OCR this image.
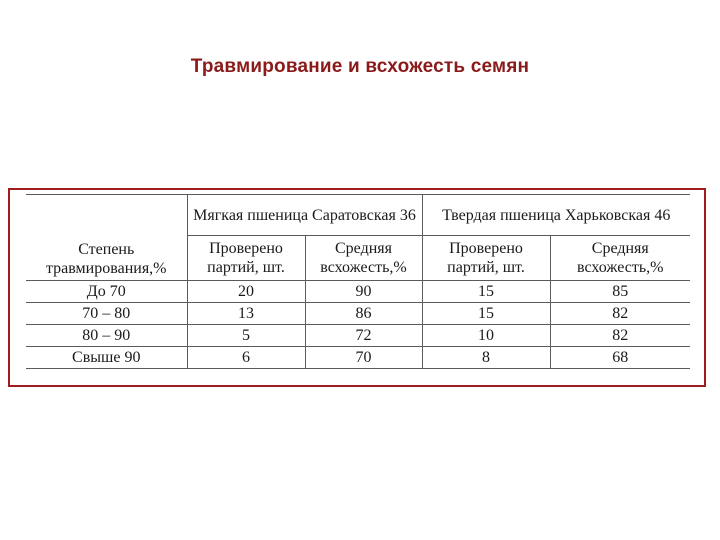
Травмирование и всхожесть семян
Степень травмирования,%	Мягкая пшеница Саратовская 36		Твердая пшеница Харьковская 46	
	Проверено партий, шт.	Средняя всхожесть,%	Проверено партий, шт.	Средняя всхожесть,%
До 70	20	90	15	85
70 – 80	13	86	15	82
80 – 90	5	72	10	82
Свыше 90	6	70	8	68
